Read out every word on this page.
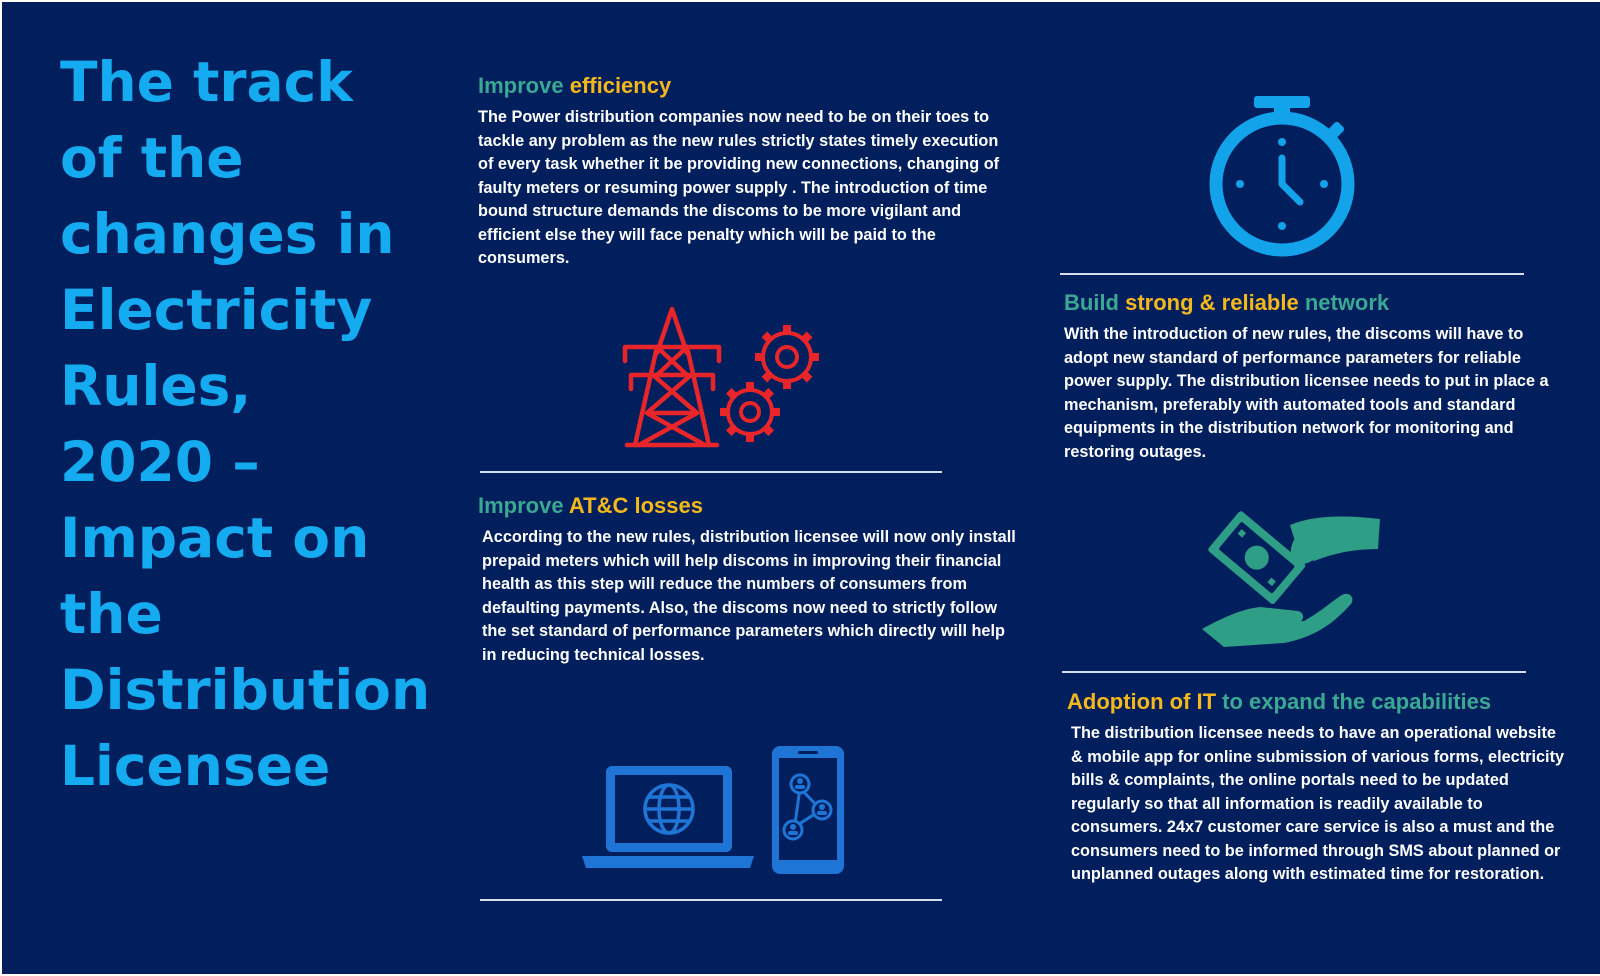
The track of the changes in Electricity Rules, 2020 – Impact on the Distribution Licensee
Improve efficiency

The Power distribution companies now need to be on their toes to tackle any problem as the new rules strictly states timely execution of every task whether it be providing new connections, changing of faulty meters or resuming power supply . The introduction of time bound structure demands the discoms to be more vigilant and efficient else they will face penalty which will be paid to the consumers.

Improve AT&C losses

According to the new rules, distribution licensee will now only install prepaid meters which will help discoms in improving their financial health as this step will reduce the numbers of consumers from defaulting payments. Also, the discoms now need to strictly follow the set standard of performance parameters which directly will help in reducing technical losses.

Build strong & reliable network

With the introduction of new rules, the discoms will have to adopt new standard of performance parameters for reliable power supply. The distribution licensee needs to put in place a mechanism, preferably with automated tools and standard equipments in the distribution network for monitoring and restoring outages.

Adoption of IT to expand the capabilities

The distribution licensee needs to have an operational website & mobile app for online submission of various forms, electricity bills & complaints, the online portals need to be updated regularly so that all information is readily available to consumers. 24x7 customer care service is also a must and the consumers need to be informed through SMS about planned or unplanned outages along with estimated time for restoration.
